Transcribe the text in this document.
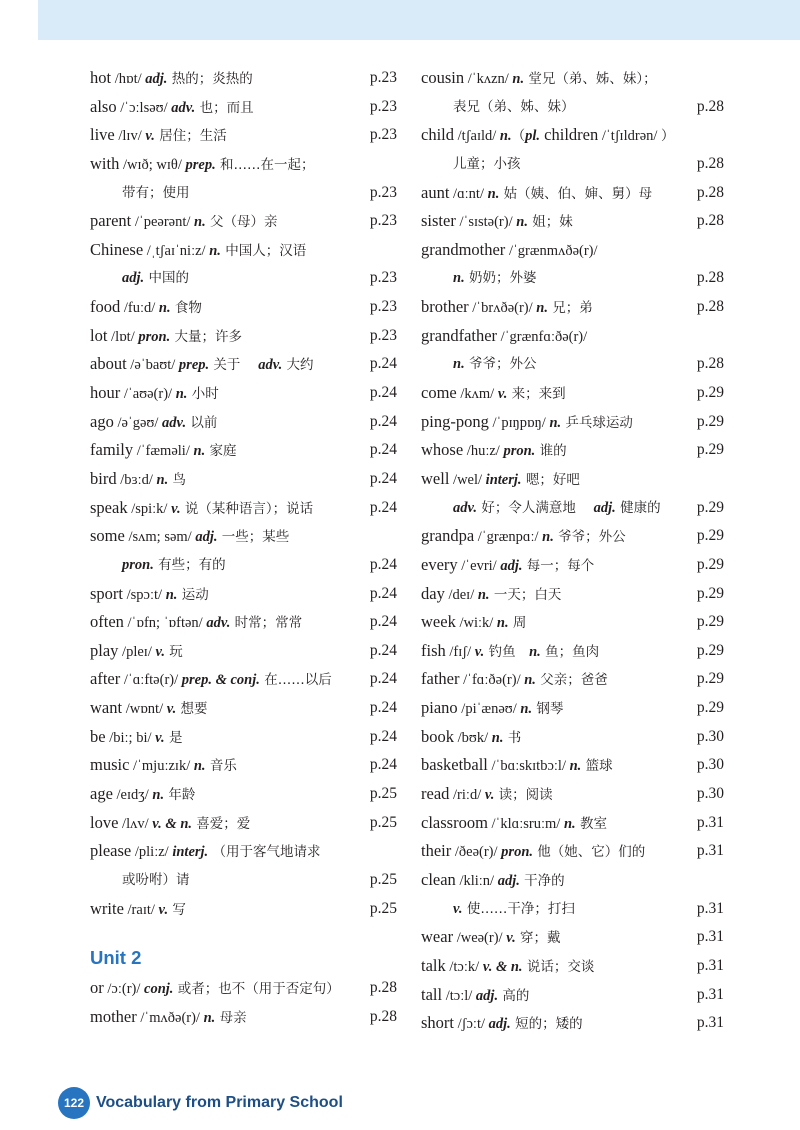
hot /hɒt/ adj. 热的；炎热的	p.23
also /ˈɔːlsəʊ/ adv. 也；而且	p.23
live /lɪv/ v. 居住；生活	p.23
with /wɪð; wɪθ/ prep. 和……在一起；
带有；使用	p.23
parent /ˈpeərənt/ n. 父（母）亲	p.23
Chinese /ˌtʃaɪˈniːz/ n. 中国人；汉语
adj. 中国的	p.23
food /fuːd/ n. 食物	p.23
lot /lɒt/ pron. 大量；许多	p.23
about /əˈbaʊt/ prep. 关于　 adv. 大约	p.24
hour /ˈaʊə(r)/ n. 小时	p.24
ago /əˈgəʊ/ adv. 以前	p.24
family /ˈfæməli/ n. 家庭	p.24
bird /bɜːd/ n. 鸟	p.24
speak /spiːk/ v. 说（某种语言）；说话	p.24
some /sʌm; səm/ adj. 一些；某些
pron. 有些；有的	p.24
sport /spɔːt/ n. 运动	p.24
often /ˈɒfn; ˈɒftən/ adv. 时常；常常	p.24
play /pleɪ/ v. 玩	p.24
after /ˈɑːftə(r)/ prep. & conj. 在……以后 p.24
want /wɒnt/ v. 想要	p.24
be /biː; bi/ v. 是	p.24
music /ˈmjuːzɪk/ n. 音乐	p.24
age /eɪdʒ/ n. 年龄	p.25
love /lʌv/ v. & n. 喜爱；爱	p.25
please /pliːz/ interj. （用于客气地请求
或吩咐）请	p.25
write /raɪt/ v. 写	p.25
Unit 2
or /ɔː(r)/ conj. 或者；也不（用于否定句） p.28
mother /ˈmʌðə(r)/ n. 母亲	p.28
cousin /ˈkʌzn/ n. 堂兄（弟、姊、妹）；
表兄（弟、姊、妹）	p.28
child /tʃaɪld/ n.（pl. children /ˈtʃɪldrən/ ）
儿童；小孩	p.28
aunt /ɑːnt/ n. 姑（姨、伯、婶、舅）母	p.28
sister /ˈsɪstə(r)/ n. 姐；妹	p.28
grandmother /ˈgrænmʌðə(r)/
n. 奶奶；外婆	p.28
brother /ˈbrʌðə(r)/ n. 兄；弟	p.28
grandfather /ˈgrænfɑːðə(r)/
n. 爷爷；外公	p.28
come /kʌm/ v. 来；来到	p.29
ping-pong /ˈpɪŋpɒŋ/ n. 乒乓球运动	p.29
whose /huːz/ pron. 谁的	p.29
well /wel/ interj. 嗯；好吧
adv. 好；令人满意地　 adj. 健康的 p.29
grandpa /ˈgrænpɑː/ n. 爷爷；外公	p.29
every /ˈevri/ adj. 每一；每个	p.29
day /deɪ/ n. 一天；白天	p.29
week /wiːk/ n. 周	p.29
fish /fɪʃ/ v. 钓鱼　n. 鱼；鱼肉	p.29
father /ˈfɑːðə(r)/ n. 父亲；爸爸	p.29
piano /piˈænəʊ/ n. 钢琴	p.29
book /bʊk/ n. 书	p.30
basketball /ˈbɑːskɪtbɔːl/ n. 篮球	p.30
read /riːd/ v. 读；阅读	p.30
classroom /ˈklɑːsruːm/ n. 教室	p.31
their /ðeə(r)/ pron. 他（她、它）们的	p.31
clean /kliːn/ adj. 干净的
v. 使……干净；打扫	p.31
wear /weə(r)/ v. 穿；戴	p.31
talk /tɔːk/ v. & n. 说话；交谈	p.31
tall /tɔːl/ adj. 高的	p.31
short /ʃɔːt/ adj. 短的；矮的	p.31
122 Vocabulary from Primary School
